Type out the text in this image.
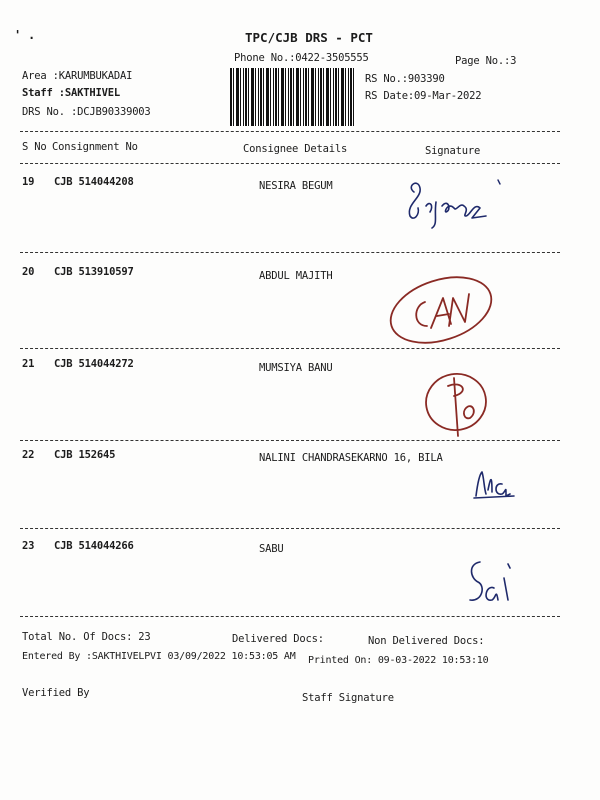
' .	TPC/CJB DRS - PCT
Phone No.:0422-3505555	Page No.:3
Area :KARUMBUKADAI
Staff :SAKTHIVEL
DRS No. :DCJB90339003
RS No.:903390
RS Date:09-Mar-2022
S No Consignment No	Consignee Details	Signature
19 CJB 514044208	NESIRA BEGUM
20 CJB 513910597	ABDUL MAJITH
21 CJB 514044272	MUMSIYA BANU
22 CJB 152645	NALINI CHANDRASEKARNO 16, BILA
23 CJB 514044266	SABU
Total No. Of Docs: 23	Delivered Docs:	Non Delivered Docs:
Entered By :SAKTHIVELPVI 03/09/2022 10:53:05 AM Printed On: 09-03-2022 10:53:10
Verified By	Staff Signature
